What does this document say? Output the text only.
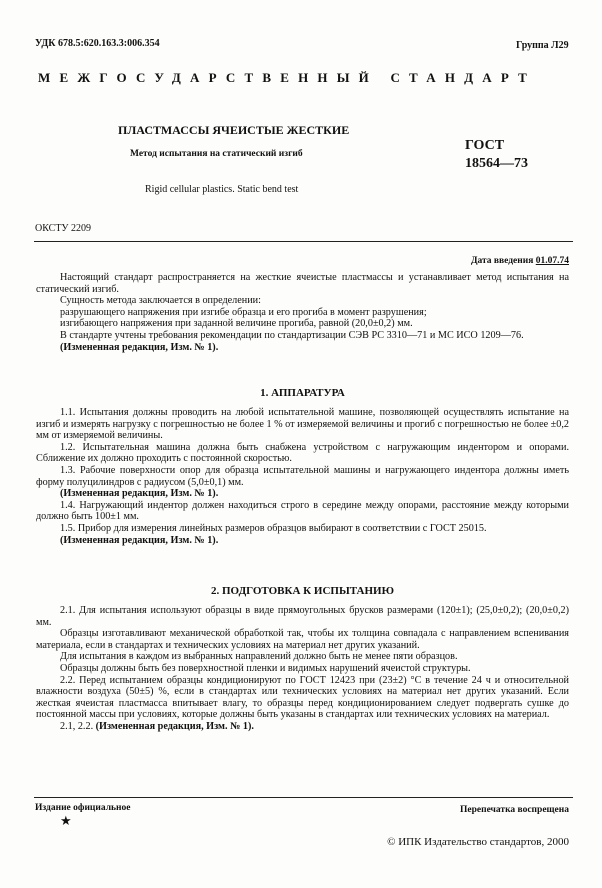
УДК 678.5:620.163.3:006.354	Группа Л29
МЕЖГОСУДАРСТВЕННЫЙ СТАНДАРТ
ПЛАСТМАССЫ ЯЧЕИСТЫЕ ЖЕСТКИЕ
Метод испытания на статический изгиб
ГОСТ
18564—73
Rigid cellular plastics. Static bend test
ОКСТУ 2209
Дата введения 01.07.74

Настоящий стандарт распространяется на жесткие ячеистые пластмассы и устанавливает метод испытания на статический изгиб.

Сущность метода заключается в определении:

разрушающего напряжения при изгибе образца и его прогиба в момент разрушения;

изгибающего напряжения при заданной величине прогиба, равной (20,0±0,2) мм.

В стандарте учтены требования рекомендации по стандартизации СЭВ РС 3310—71 и МС ИСО 1209—76.

(Измененная редакция, Изм. № 1).

1. АППАРАТУРА

1.1. Испытания должны проводить на любой испытательной машине, позволяющей осуществлять испытание на изгиб и измерять нагрузку с погрешностью не более 1 % от измеряемой величины и прогиб с погрешностью не более ±0,2 мм от измеряемой величины.

1.2. Испытательная машина должна быть снабжена устройством с нагружающим индентором и опорами. Сближение их должно проходить с постоянной скоростью.

1.3. Рабочие поверхности опор для образца испытательной машины и нагружающего индентора должны иметь форму полуцилиндров с радиусом (5,0±0,1) мм.

(Измененная редакция, Изм. № 1).

1.4. Нагружающий индентор должен находиться строго в середине между опорами, расстояние между которыми должно быть 100±1 мм.

1.5. Прибор для измерения линейных размеров образцов выбирают в соответствии с ГОСТ 25015.

(Измененная редакция, Изм. № 1).

2. ПОДГОТОВКА К ИСПЫТАНИЮ

2.1. Для испытания используют образцы в виде прямоугольных брусков размерами (120±1); (25,0±0,2); (20,0±0,2) мм.

Образцы изготавливают механической обработкой так, чтобы их толщина совпадала с направлением вспенивания материала, если в стандартах и технических условиях на материал нет других указаний.

Для испытания в каждом из выбранных направлений должно быть не менее пяти образцов.

Образцы должны быть без поверхностной пленки и видимых нарушений ячеистой структуры.

2.2. Перед испытанием образцы кондиционируют по ГОСТ 12423 при (23±2) °С в течение 24 ч и относительной влажности воздуха (50±5) %, если в стандартах или технических условиях на материал нет других указаний. Если жесткая ячеистая пластмасса впитывает влагу, то образцы перед кондиционированием следует подвергать сушке до постоянной массы при условиях, которые должны быть указаны в стандартах или технических условиях на материал.

2.1, 2.2. (Измененная редакция, Изм. № 1).

Издание официальное
★
Перепечатка воспрещена
© ИПК Издательство стандартов, 2000
